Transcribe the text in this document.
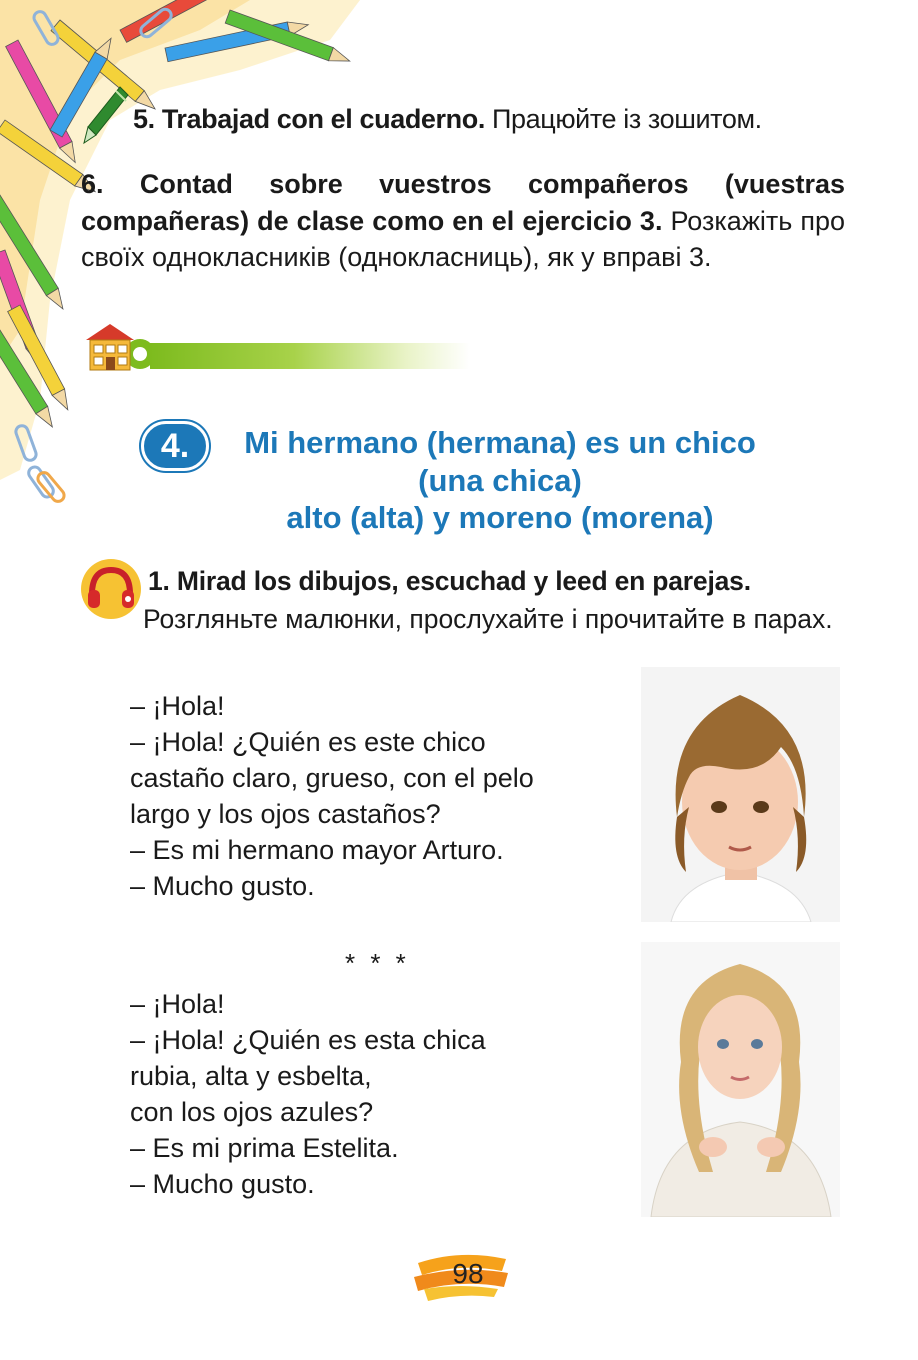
5. Trabajad con el cuaderno. Працюйте із зошитом.
6. Contad sobre vuestros compañeros (vuestras compañeras) de clase como en el ejercicio 3. Розкажіть про своїх однокласників (однокласниць), як у вправі 3.
4.	Mi hermano (hermana) es un chico
(una chica)
alto (alta) y moreno (morena)
1. Mirad los dibujos, escuchad y leed en parejas.
Розгляньте малюнки, прослухайте і прочитайте в парах.
– ¡Hola!
– ¡Hola! ¿Quién es este chico
castaño claro, grueso, con el pelo
largo y los ojos castaños?
– Es mi hermano mayor Arturo.
– Mucho gusto.
* * *
– ¡Hola!
– ¡Hola! ¿Quién es esta chica
rubia, alta y esbelta,
con los ojos azules?
– Es mi prima Estelita.
– Mucho gusto.
98
